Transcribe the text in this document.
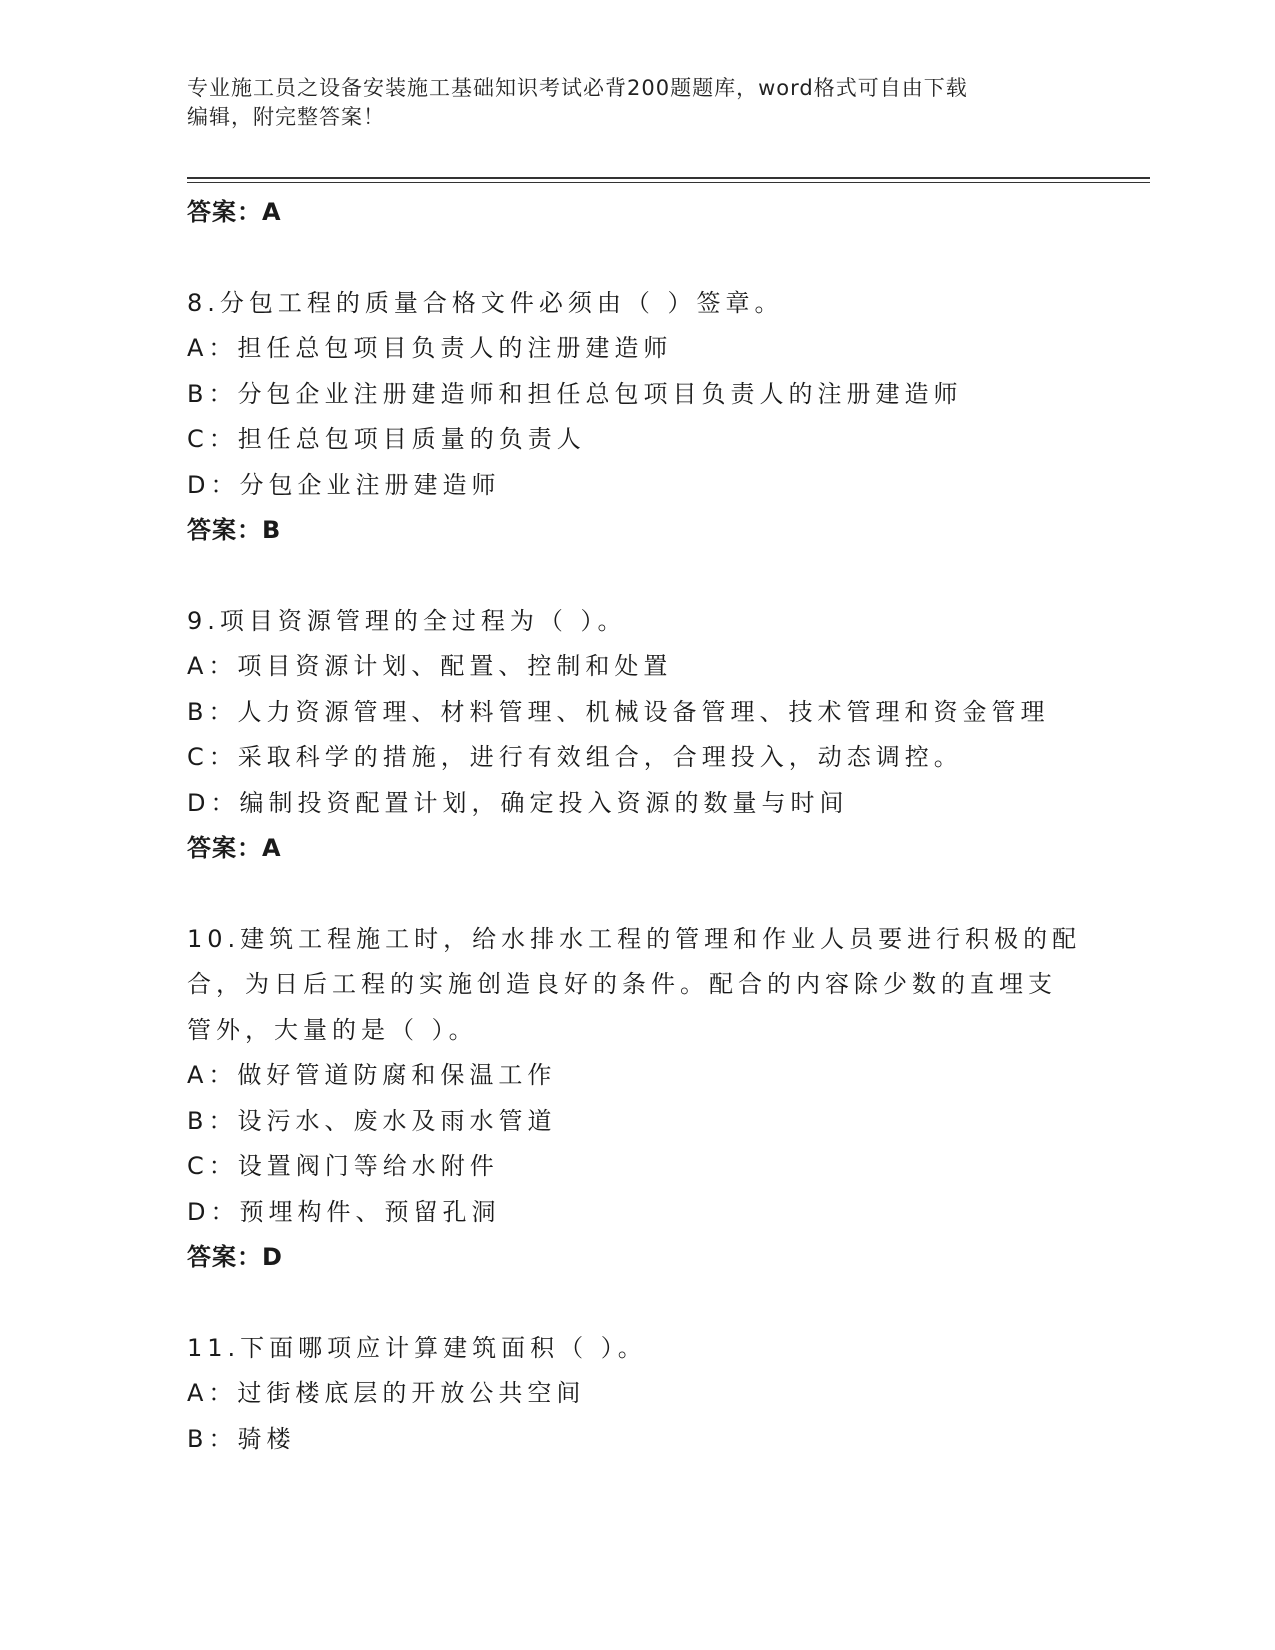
专业施工员之设备安装施工基础知识考试必背200题题库，word格式可自由下载
编辑，附完整答案！
答案：A
8.分包工程的质量合格文件必须由（ ）签章。
A：担任总包项目负责人的注册建造师
B：分包企业注册建造师和担任总包项目负责人的注册建造师
C：担任总包项目质量的负责人
D：分包企业注册建造师
答案：B
9.项目资源管理的全过程为（ ）。
A：项目资源计划、配置、控制和处置
B：人力资源管理、材料管理、机械设备管理、技术管理和资金管理
C：采取科学的措施，进行有效组合，合理投入，动态调控。
D：编制投资配置计划，确定投入资源的数量与时间
答案：A
10.建筑工程施工时，给水排水工程的管理和作业人员要进行积极的配
合，为日后工程的实施创造良好的条件。配合的内容除少数的直埋支
管外，大量的是（ ）。
A：做好管道防腐和保温工作
B：设污水、废水及雨水管道
C：设置阀门等给水附件
D：预埋构件、预留孔洞
答案：D
11.下面哪项应计算建筑面积（ ）。
A：过街楼底层的开放公共空间
B：骑楼
